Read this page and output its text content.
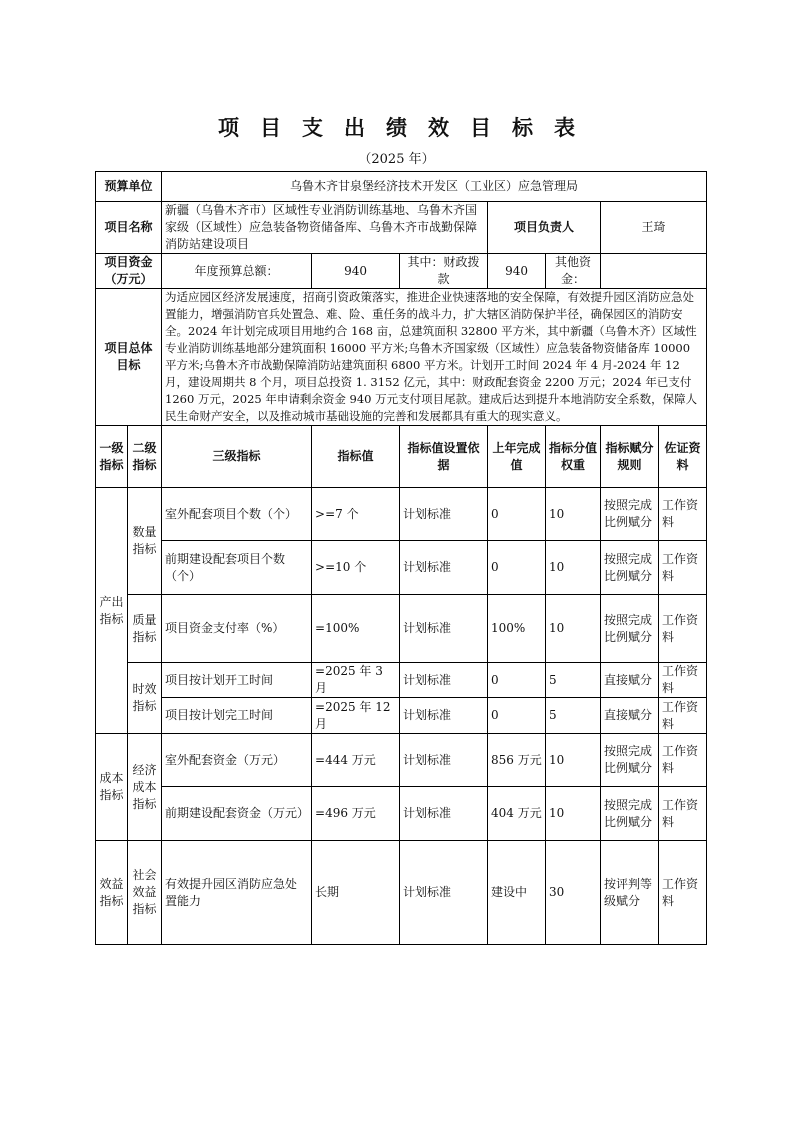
项目支出绩效目标表
（2025 年）
预算单位		乌鲁木齐甘泉堡经济技术开发区（工业区）应急管理局						
项目名称		新疆（乌鲁木齐市）区域性专业消防训练基地、乌鲁木齐国家级（区域性）应急装备物资储备库、乌鲁木齐市战勤保障消防站建设项目			项目负责人		王琦	
项目资金（万元）		年度预算总额：	940	其中：财政拨款	940	其他资金：		
项目总体目标		为适应园区经济发展速度，招商引资政策落实，推进企业快速落地的安全保障，有效提升园区消防应急处置能力，增强消防官兵处置急、难、险、重任务的战斗力，扩大辖区消防保护半径，确保园区的消防安全。2024 年计划完成项目用地约合 168 亩，总建筑面积 32800 平方米，其中新疆（乌鲁木齐）区域性专业消防训练基地部分建筑面积 16000 平方米;乌鲁木齐国家级（区域性）应急装备物资储备库 10000 平方米;乌鲁木齐市战勤保障消防站建筑面积 6800 平方米。计划开工时间 2024 年 4 月-2024 年 12 月，建设周期共 8 个月，项目总投资 1. 3152 亿元，其中：财政配套资金 2200 万元；2024 年已支付 1260 万元，2025 年申请剩余资金 940 万元支付项目尾款。建成后达到提升本地消防安全系数，保障人民生命财产安全，以及推动城市基础设施的完善和发展都具有重大的现实意义。						
一级指标	二级指标	三级指标	指标值	指标值设置依据	上年完成值	指标分值权重	指标赋分规则	佐证资料
产出指标	数量指标	室外配套项目个数（个）	>=7 个	计划标准	0	10	按照完成比例赋分	工作资料
		前期建设配套项目个数（个）	>=10 个	计划标准	0	10	按照完成比例赋分	工作资料
	质量指标	项目资金支付率（%）	=100%	计划标准	100%	10	按照完成比例赋分	工作资料
	时效指标	项目按计划开工时间	=2025 年 3 月	计划标准	0	5	直接赋分	工作资料
		项目按计划完工时间	=2025 年 12 月	计划标准	0	5	直接赋分	工作资料
成本指标	经济成本指标	室外配套资金（万元）	=444 万元	计划标准	856 万元	10	按照完成比例赋分	工作资料
		前期建设配套资金（万元）	=496 万元	计划标准	404 万元	10	按照完成比例赋分	工作资料
效益指标	社会效益指标	有效提升园区消防应急处置能力	长期	计划标准	建设中	30	按评判等级赋分	工作资料
